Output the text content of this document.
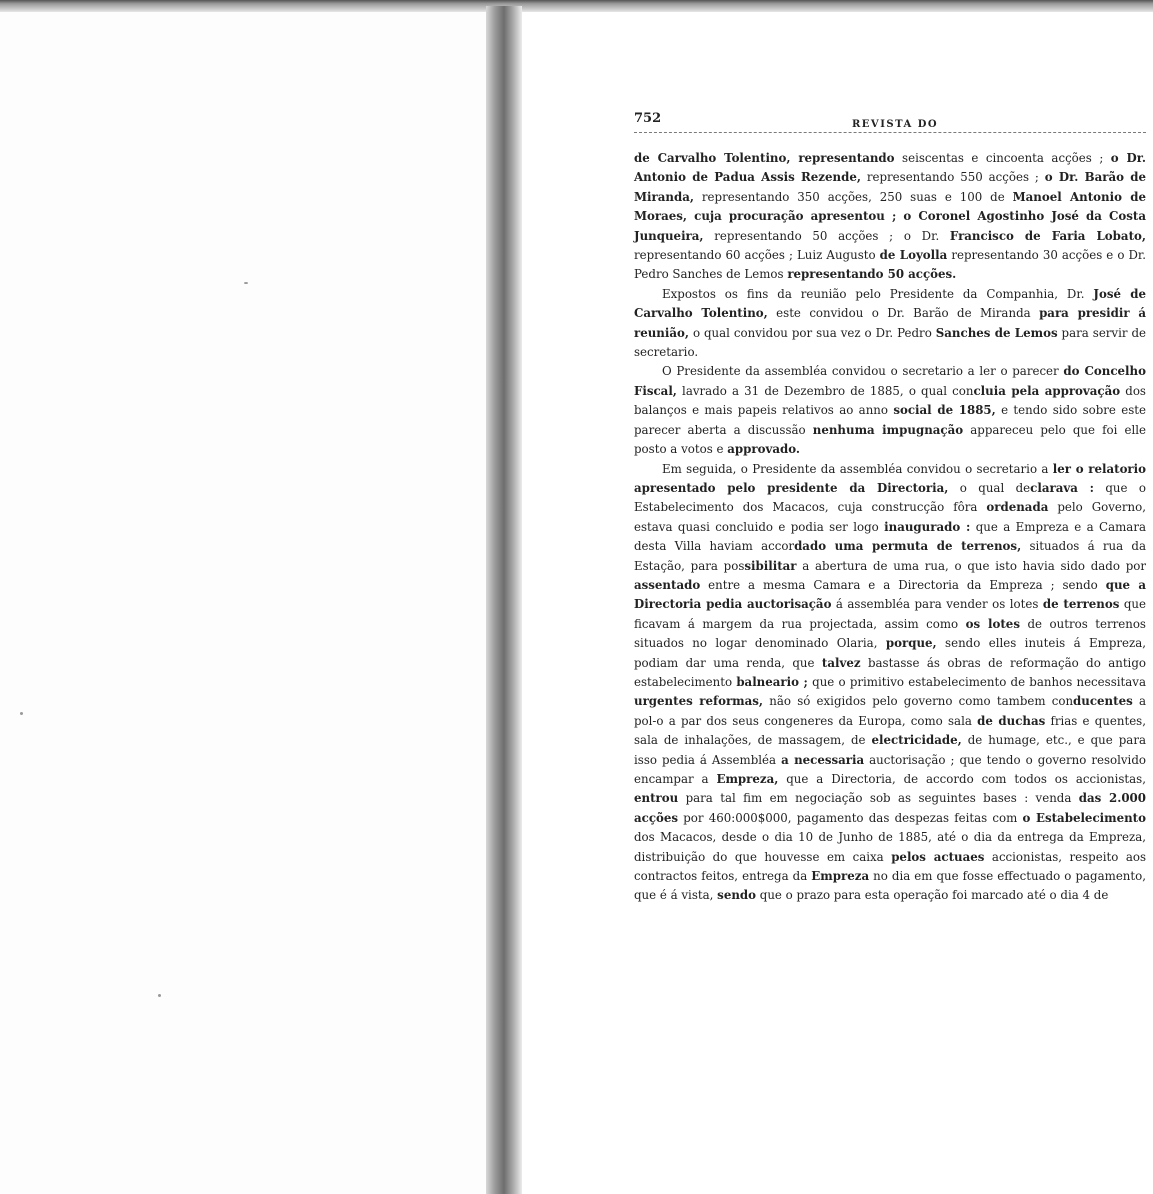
752	REVISTA DO

de Carvalho Tolentino, representando seiscentas e cincoenta acções ; o Dr. Antonio de Padua Assis Rezende, representando 550 acções ; o Dr. Barão de Miranda, representando 350 acções, 250 suas e 100 de Manoel Antonio de Moraes, cuja procuração apresentou ; o Coronel Agostinho José da Costa Junqueira, representando 50 acções ; o Dr. Francisco de Faria Lobato, representando 60 acções ; Luiz Augusto de Loyolla representando 30 acções e o Dr. Pedro Sanches de Lemos representando 50 acções.

Expostos os fins da reunião pelo Presidente da Companhia, Dr. José de Carvalho Tolentino, este convidou o Dr. Barão de Miranda para presidir á reunião, o qual convidou por sua vez o Dr. Pedro Sanches de Lemos para servir de secretario.

O Presidente da assembléa convidou o secretario a ler o parecer do Concelho Fiscal, lavrado a 31 de Dezembro de 1885, o qual concluia pela approvação dos balanços e mais papeis relativos ao anno social de 1885, e tendo sido sobre este parecer aberta a discussão nenhuma impugnação appareceu pelo que foi elle posto a votos e approvado.

Em seguida, o Presidente da assembléa convidou o secretario a ler o relatorio apresentado pelo presidente da Directoria, o qual declarava : que o Estabelecimento dos Macacos, cuja construcção fôra ordenada pelo Governo, estava quasi concluido e podia ser logo inaugurado : que a Empreza e a Camara desta Villa haviam accordado uma permuta de terrenos, situados á rua da Estação, para possibilitar a abertura de uma rua, o que isto havia sido dado por assentado entre a mesma Camara e a Directoria da Empreza ; sendo que a Directoria pedia auctorisação á assembléa para vender os lotes de terrenos que ficavam á margem da rua projectada, assim como os lotes de outros terrenos situados no logar denominado Olaria, porque, sendo elles inuteis á Empreza, podiam dar uma renda, que talvez bastasse ás obras de reformação do antigo estabelecimento balneario ; que o primitivo estabelecimento de banhos necessitava urgentes reformas, não só exigidos pelo governo como tambem conducentes a pol-o a par dos seus congeneres da Europa, como sala de duchas frias e quentes, sala de inhalações, de massagem, de electricidade, de humage, etc., e que para isso pedia á Assembléa a necessaria auctorisação ; que tendo o governo resolvido encampar a Empreza, que a Directoria, de accordo com todos os accionistas, entrou para tal fim em negociação sob as seguintes bases : venda das 2.000 acções por 460:000$000, pagamento das despezas feitas com o Estabelecimento dos Macacos, desde o dia 10 de Junho de 1885, até o dia da entrega da Empreza, distribuição do que houvesse em caixa pelos actuaes accionistas, respeito aos contractos feitos, entrega da Empreza no dia em que fosse effectuado o pagamento, que é á vista, sendo que o prazo para esta operação foi marcado até o dia 4 de
